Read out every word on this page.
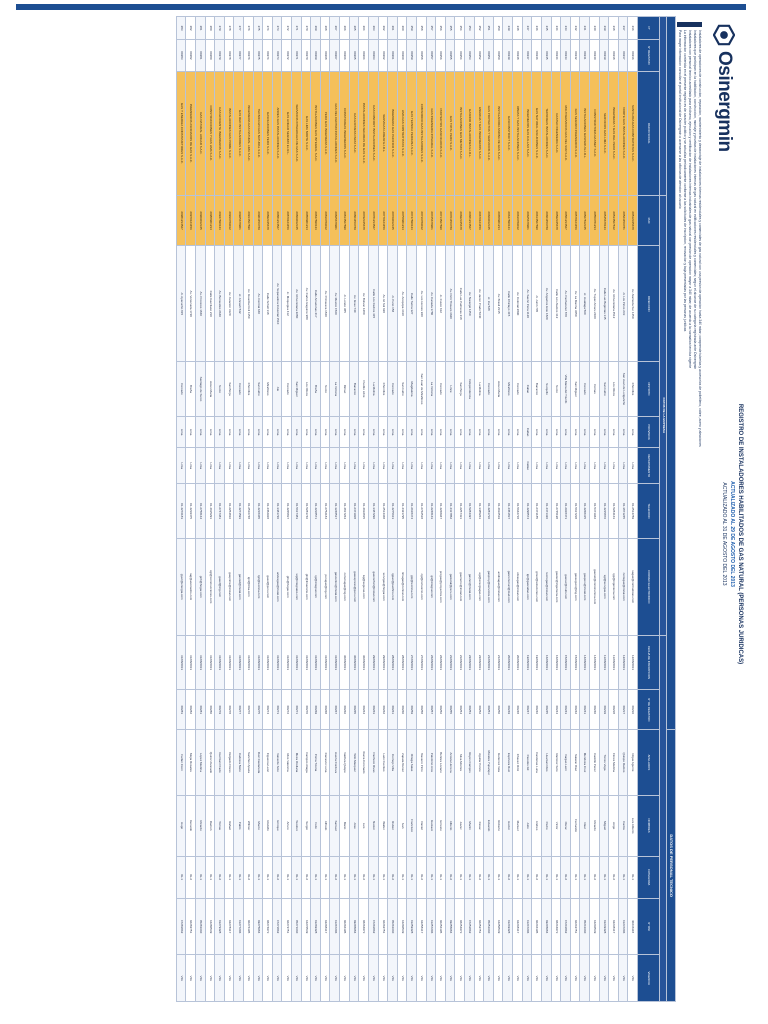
Osinergmin
REGISTRO DE INSTALADORES HABILITADOS DE GAS NATURAL (PERSONAS JURIDICAS)
ACTUALIZADO AL 29 DE AGOSTO DEL 2013
ACTUALIZADO AL 31 DE AGOSTO DEL 2013
Instaladores de operaciones de construccion, reparacion, mantenimiento y desmontaje de instalaciones internas residenciales y comerciales de gas natural con una presion de operacion hasta 340 mbar; comprende tuberias y accesorios de polietileno, cobre, acero y aleaciones
Instaladores que participan en la habilitacion, construccion, montaje y pruebas de instalaciones internas de gas natural en edificaciones residenciales y comerciales; segun el alcance de su categoria registrada ante Osinergmin
Instaladores con personal tecnico acreditado para el diseno, ejecucion y certificacion de instalaciones internas industriales de gas natural con presion de operacion mayor a 340 mbar; de acuerdo a la normativa tecnica vigente
La informacion contenida en el presente registro es de caracter publico y se actualiza periodicamente conforme a las solicitudes de inscripcion, renovacion y baja presentadas por las personas juridicas
Para mayor informacion consultar el portal institucional de Osinergmin o acercarse a las oficinas de atencion al usuario
												DATOS DE PERSONAL TECNICO				
			DATOS DE LA EMPRESA													
N°	N° REGISTRO	RAZON SOCIAL	RUC	DIRECCION	DISTRITO	PROVINCIA	DEPARTAMENTO	TELEFONO	CORREO ELECTRONICO	FECHA DE INSCRIPCION	N° DE REGISTRO	APELLIDOS	NOMBRES	CATEGORIA	N° DNI	VIGENCIA
236	00236	SANTA ANA GAS CONTRATISTAS S.A.C.	20512345678	Av. Alameda Sur 1450	Chorrillos	Lima	Lima	01-2514789	sagas@contratistas.com	12/08/2013	00236	Rojas Aguirre	Luis Alberto	IG-1	40236118	VIG
237	00237	NORTE GAS INSTALACIONES S.A.C.	20523456781	Jr. Los Pinos 233	San Juan de Lurigancho	Lima	Lima	01-3871245	nortegas@instal.com	12/08/2013	00237	Quispe Ramos	Carlos	IG-1	41237206	VIG
238	00238	INGENIERIA Y GAS DEL PERU S.A.C.	20534567812	Av. Universitaria 4512	Los Olivos	Lima	Lima	01-5284163	igp@ingenieria.com	13/08/2013	00238	Flores Medina	Jorge	IG-2	42238317	VIG
239	00239	SERVICIOS GAS LIMA S.A.C.	20545678123	Calle Las Begonias 145	San Isidro	Lima	Lima	01-4215876	sgl@servgas.com	13/08/2013	00239	Torres Vega	Miguel	IG-1	43239428	VIG
240	00240	CONSTRUCTORA GASNET S.A.C.	20556781234	Av. Tupac Amaru 2100	Comas	Lima	Lima	01-5371942	gasnet@constructora.com	14/08/2013	00240	Castillo Perez	Ricardo	IG-2	44240539	VIG
241	00241	INSTALACIONES GASPERU E.I.R.L.	20567812345	Jr. Huallaga 560	Cercado	Lima	Lima	01-4268315	gasperu@instal.com	14/08/2013	00241	Mendoza Cruz	Raul	IG-1	45241640	VIG
242	00242	GAS SEGURO INGENIEROS S.A.C.	20578123456	Av. La Marina 3050	San Miguel	Lima	Lima	01-5617238	gasseguro@ing.com	15/08/2013	00242	Salazar Diaz	Fernando	IG-1	46242751	VIG
243	00243	MULTISERVICIOS GAS DEL SUR S.A.C.	20581234567	Av. Pachacutec 870	Villa Maria del Triunfo	Lima	Lima	01-2918473	gassur@multi.com	15/08/2013	00243	Vargas Leon	Oscar	IG-2	47243862	VIG
244	00244	GASTEC INGENIERIA S.A.C.	20592345678	Calle Los Alamos 312	Surco	Lima	Lima	01-2745198	gastec@ingenieria.com	16/08/2013	00244	Ramirez Soto	Victor	IG-1	48244973	VIG
245	00245	TECNOGAS INSTALADORES S.A.C.	20603456789	Av. Angamos Este 1820	Surquillo	Lima	Lima	01-4471326	tecnogas@instal.com	16/08/2013	00245	Huaman Rios	Pedro	IG-1	49245084	VIG
246	00246	GAS NATURAL SOLUCIONES S.A.C.	20614567890	Jr. Junin 745	Barranco	Lima	Lima	01-2473185	gnsol@soluciones.com	19/08/2013	00246	Cardenas Luna	Andres	IG-2	40246195	VIG
247	00247	INGENIEROS GAS CALLAO S.A.C.	20625678901	Av. Saenz Pena 1120	Callao	Callao	Callao	01-4298574	igc@gascallao.com	19/08/2013	00247	Paredes Gil	Julio	IG-1	41247206	VIG
248	00248	OBRAS Y GAS INSTALACIONES S.A.C.	20636789012	Av. Colonial 2890	Cercado	Lima	Lima	01-5642718	obrasgas@instal.com	20/08/2013	00248	Chavez Ortiz	Manuel	IG-1	42248317	VIG
249	00249	GASCONSTRUCT S.A.C.	20647890123	Calle Chiclayo 415	Miraflores	Lima	Lima	01-4451837	gasconstruct@mail.com	20/08/2013	00249	Espinoza Ruiz	Hector	IG-2	43249428	VIG
250	00250	INSTALADORA ANDINA DE GAS S.A.C.	20658901234	Av. Brasil 2315	Jesus Maria	Lima	Lima	01-4632519	andinagas@instal.com	21/08/2013	00250	Gutierrez Vela	Roberto	IG-1	44250539	VIG
251	00251	GAS PROYECTOS Y SERVICIOS S.A.C.	20669012345	Jr. Ica 528	Cercado	Lima	Lima	01-4281736	gasproy@servicios.com	21/08/2013	00251	Morales Yupanqui	Eduardo	IG-1	45251640	VIG
252	00252	ENERGIA Y GAS INGENIEROS S.A.C.	20670123456	Av. Javier Prado 5640	La Molina	Lima	Lima	01-3485261	egi@energiagas.com	22/08/2013	00252	Aguilar Ponce	Cesar	IG-2	46252751	VIG
253	00253	GASNOR INSTALACIONES E.I.R.L.	20681234567	Av. Naranjal 1450	Independencia	Lima	Lima	01-5284397	gasnor@instal.com	22/08/2013	00253	Reyes Campos	Martin	IG-1	47253862	VIG
254	00254	INSTALACIONES GAS METRO S.A.C.	20692345678	Calle Las Palmeras 218	San Borja	Lima	Lima	01-2257431	gasmetro@instal.com	23/08/2013	00254	Silva Montes	Javier	IG-1	48254973	VIG
255	00255	GAS TOTAL PERU S.A.C.	20703456789	Av. Petit Thouars 3620	Lince	Lima	Lima	01-4417852	gastotal@peru.com	23/08/2013	00255	Acosta Herrera	Alberto	IG-2	49255084	VIG
256	00256	PROYECTOS GASIFICADOS S.A.C.	20714567890	Jr. Cusco 612	Cercado	Lima	Lima	01-4268947	progas@proyectos.com	26/08/2013	00256	Benites Lozano	Ernesto	IG-1	40256195	VIG
257	00257	GAS INGENIERIA INTEGRAL S.A.C.	20725678901	Av. Canada 1780	La Victoria	Lima	Lima	01-2248163	gii@integral.com	26/08/2013	00257	Palomino Arce	Gustavo	IG-1	41257206	VIG
258	00258	CONSORCIO GAS INSTALADORES S.A.C.	20736789012	Av. Los Heroes 940	San Juan de Miraflores	Lima	Lima	01-2762518	cgi@consorcio.com	27/08/2013	00258	Navarro Pinto	Daniel	IG-2	42258317	VIG
259	00259	GAS TECNICA PERUANA S.A.C.	20747890123	Calle Tacna 327	Magdalena	Lima	Lima	01-2618374	gtp@tecnica.com	27/08/2013	00259	Ortega Salas	Francisco	IG-1	43259428	VIG
260	00260	LIMA GAS CONTRATISTAS S.A.C.	20758901234	Av. Arequipa 3410	San Isidro	Lima	Lima	01-4421795	limagas@contrat.com	28/08/2013	00260	Zapata Nunez	Ivan	IG-1	44260539	VIG
261	00261	INGENIERIA GAS PACIFICO S.A.C.	20769012345	Jr. Puno 158	Cercado	Lima	Lima	01-4275613	igpac@pacifico.com	28/08/2013	00261	Cornejo Villa	Ruben	IG-2	45261640	VIG
262	00262	SERVIGAS HOGAR E.I.R.L.	20770123456	Av. El Sol 620	Chorrillos	Lima	Lima	01-2514368	servigas@hogar.com	29/08/2013	00262	Lazo Fuentes	Walter	IG-1	46262751	VIG
263	00263	GAS CONFORT INSTALACIONES S.A.C.	20781234567	Calle Los Cedros 415	La Molina	Lima	Lima	01-3487296	gasconfort@instal.com	29/08/2013	00263	Pacheco Rivas	Nestor	IG-1	47263862	VIG
264	00264	INSTALACIONES SEGURAS DE GAS S.A.C.	20792345678	Av. Bolivar 1280	Pueblo Libre	Lima	Lima	01-4632815	isg@seguras.com	30/08/2013	00264	Ibarra Coronado	Luis	IG-2	48264973	VIG
265	00265	GAS EXPRESS PERU S.A.C.	20803456789	Av. Grau 740	Barranco	Lima	Lima	01-2471938	gasexpress@peru.com	30/08/2013	00265	Tello Marquez	Jose	IG-1	49265084	VIG
266	00266	CONSTRUGAS INGENIEROS S.A.C.	20814567890	Jr. Loreto 385	Rimac	Lima	Lima	01-4817264	construgas@ing.com	30/08/2013	00266	Valdivia Quispe	Mario	IG-1	40266195	VIG
267	00267	GAS DEL CENTRO INSTALADORES S.A.C.	20825678901	Av. Mexico 1560	La Victoria	Lima	Lima	01-3248517	gascentro@instal.com	31/08/2013	00267	Huerta Cordova	Samuel	IG-2	41267206	VIG
268	00268	PERU GAS INGENIERIA S.A.C.	20836789012	Av. Primavera 1840	Surco	Lima	Lima	01-2752184	perugas@ing.com	31/08/2013	00268	Carrasco Luna	Alfredo	IG-1	42268317	VIG
269	00269	INSTALACIONES GAS INTEGRAL S.A.C.	20847890123	Calle Amazonas 217	Breña	Lima	Lima	01-4238571	igi@integral.com	31/08/2013	00269	Poma Ticona	Felix	IG-1	43269428	VIG
270	00270	GAS LIMA NORTE S.A.C.	20858901234	Av. Carlos Izaguirre 980	Los Olivos	Lima	Lima	01-5283746	gln@limanorte.com	31/08/2013	00270	Campos Aliaga	Sergio	IG-2	44270539	VIG
271	00271	SERVICIOS INTEGRALES DE GAS S.A.C.	20869012345	Av. Universitaria 2280	San Miguel	Lima	Lima	01-5617483	sig@integrales.com	31/08/2013	00271	Meza Orellana	Teodoro	IG-1	45271640	VIG
272	00272	GAS HOGAR SEGURO E.I.R.L.	20870123456	Jr. Moquegua 412	Cercado	Lima	Lima	01-4265837	ghs@hogar.com	31/08/2013	00272	Rios Valencia	Arturo	IG-1	46272751	VIG
273	00273	ANDES GAS INSTALACIONES S.A.C.	20881234567	Av. Separadora Industrial 1510	Ate	Lima	Lima	01-3481726	andesgas@instal.com	31/08/2013	00273	Valverde Soto	Enrique	IG-2	47273862	VIG
274	00274	GASOLUCIONES PERU S.A.C.	20892345678	Calle Schell 318	Miraflores	Lima	Lima	01-4452918	gasol@peru.com	31/08/2013	00274	Figueroa Leon	Rodolfo	IG-1	48274973	VIG
275	00275	TECNICA EN GAS NATURAL S.A.C.	20903456789	Av. Central 640	San Isidro	Lima	Lima	01-4218365	tgn@tecnica.com	31/08/2013	00275	Ruiz Castaneda	Marco	IG-1	49275084	VIG
276	00276	INGENIERIA GAS NATURAL LIMA S.A.C.	20914567890	Av. Guardia Civil 1150	Chorrillos	Lima	Lima	01-2516748	ignl@lima.com	31/08/2013	00276	Sanchez Apaza	Wilmer	IG-2	40276195	VIG
277	00277	GAS RED INSTALADORES S.A.C.	20925678901	Jr. Ancash 542	Cercado	Lima	Lima	01-4271593	gasred@instal.com	31/08/2013	00277	Cabrera Nieto	Pablo	IG-1	41277206	VIG
278	00278	INSTALACIONES GAS PRIME S.A.C.	20936789012	Av. Aviacion 3120	San Borja	Lima	Lima	01-2254816	gasprime@instal.com	31/08/2013	00278	Delgado Flores	Rafael	IG-1	42278317	VIG
279	00279	GAS EFICIENTE INGENIEROS S.A.C.	20947890123	Av. Benavides 2640	Surco	Lima	Lima	01-2747381	gasef@ing.com	31/08/2013	00279	Guzman Prado	Tomas	IG-2	43279428	VIG
280	00280	CONSTRUCCIONES Y GAS LIMA S.A.C.	20958901234	Calle Garcilaso 210	Jesus Maria	Lima	Lima	01-4635291	cgl@construcciones.com	31/08/2013	00280	Quiroz Alvarado	Ramon	IG-1	44280539	VIG
281	00281	GAS NATURAL HOGAR S.A.C.	20969012345	Av. Proceres 1840	Santiago de Surco	Lima	Lima	01-2758164	gnh@hogar.com	31/08/2013	00281	Lopez Medina	Ricardo	IG-1	45281640	VIG
282	00282	INGENIEROS ASOCIADOS DE GAS S.A.C.	20970123456	Av. Venezuela 1720	Breña	Lima	Lima	01-4239475	iag@asociados.com	31/08/2013	00282	Mejia Rosales	Gerardo	IG-2	46282751	VIG
283	00283	GAS Y ENERGIA CONSTRUCTORES S.A.C.	20981234567	Jr. Ayacucho 815	Cercado	Lima	Lima	01-4276183	gyec@energia.com	31/08/2013	00283	Farfan Ccori	Hugo	IG-1	47283862	VIG
